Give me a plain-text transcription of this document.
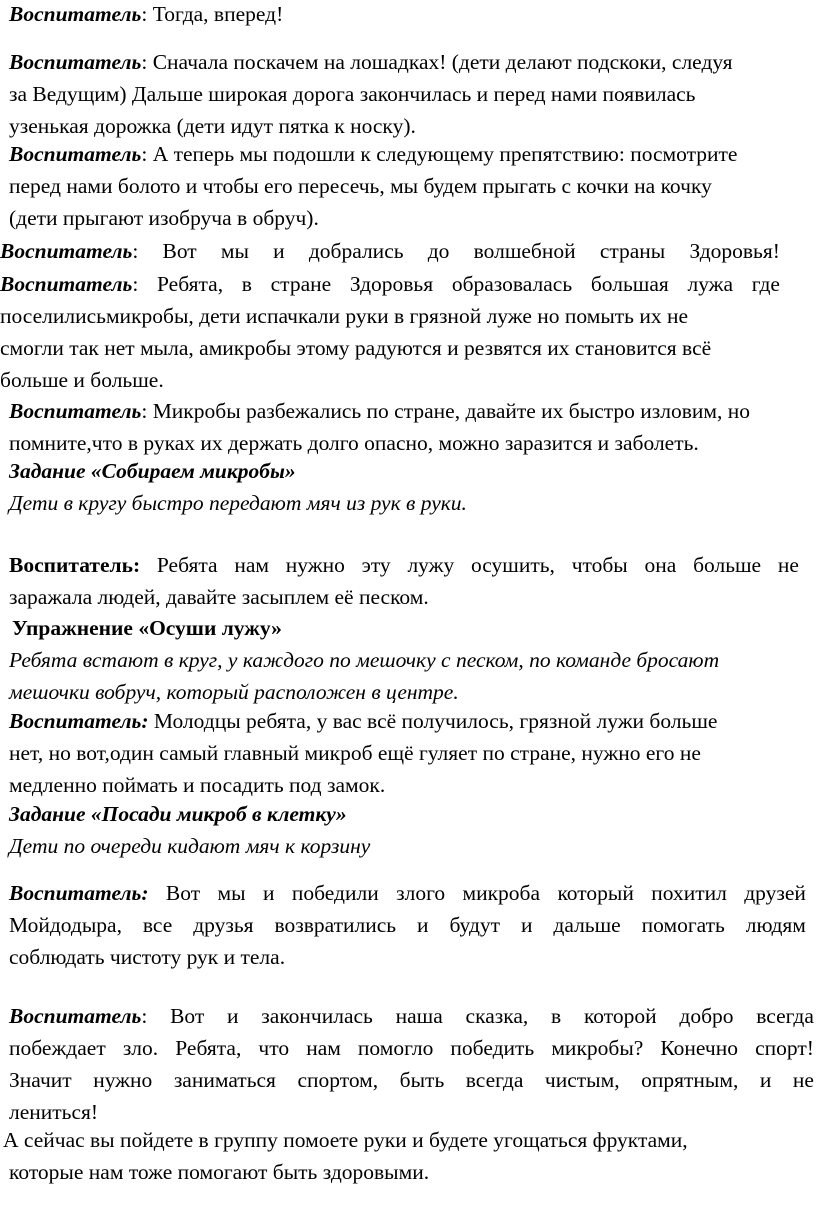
Воспитатель: Тогда, вперед!
Воспитатель: Сначала поскачем на лошадках! (дети делают подскоки, следуя
за Ведущим) Дальше широкая дорога закончилась и перед нами появилась
узенькая дорожка (дети идут пятка к носку).
Воспитатель: А теперь мы подошли к следующему препятствию: посмотрите
перед нами болото и чтобы его пересечь, мы будем прыгать с кочки на кочку
(дети прыгают изобруча в обруч).
Воспитатель: Вот мы и добрались до волшебной страны Здоровья!
Воспитатель: Ребята, в стране Здоровья образовалась большая лужа где
поселилисьмикробы, дети испачкали руки в грязной луже но помыть их не
смогли так нет мыла, амикробы этому радуются и резвятся их становится всё
больше и больше.
Воспитатель: Микробы разбежались по стране, давайте их быстро изловим, но
помните,что в руках их держать долго опасно, можно заразится и заболеть.
Задание «Собираем микробы»
Дети в кругу быстро передают мяч из рук в руки.
Воспитатель: Ребята нам нужно эту лужу осушить, чтобы она больше не
заражала людей, давайте засыплем её песком.
Упражнение «Осуши лужу»
Ребята встают в круг, у каждого по мешочку с песком, по команде бросают
мешочки вобруч, который расположен в центре.
Воспитатель: Молодцы ребята, у вас всё получилось, грязной лужи больше
нет, но вот,один самый главный микроб ещё гуляет по стране, нужно его не
медленно поймать и посадить под замок.
Задание «Посади микроб в клетку»
Дети по очереди кидают мяч к корзину
Воспитатель: Вот мы и победили злого микроба который похитил друзей
Мойдодыра, все друзья возвратились и будут и дальше помогать людям
соблюдать чистоту рук и тела.
Воспитатель: Вот и закончилась наша сказка, в которой добро всегда
побеждает зло. Ребята, что нам помогло победить микробы? Конечно спорт!
Значит нужно заниматься спортом, быть всегда чистым, опрятным, и не
лениться!
А сейчас вы пойдете в группу помоете руки и будете угощаться фруктами,
которые нам тоже помогают быть здоровыми.
